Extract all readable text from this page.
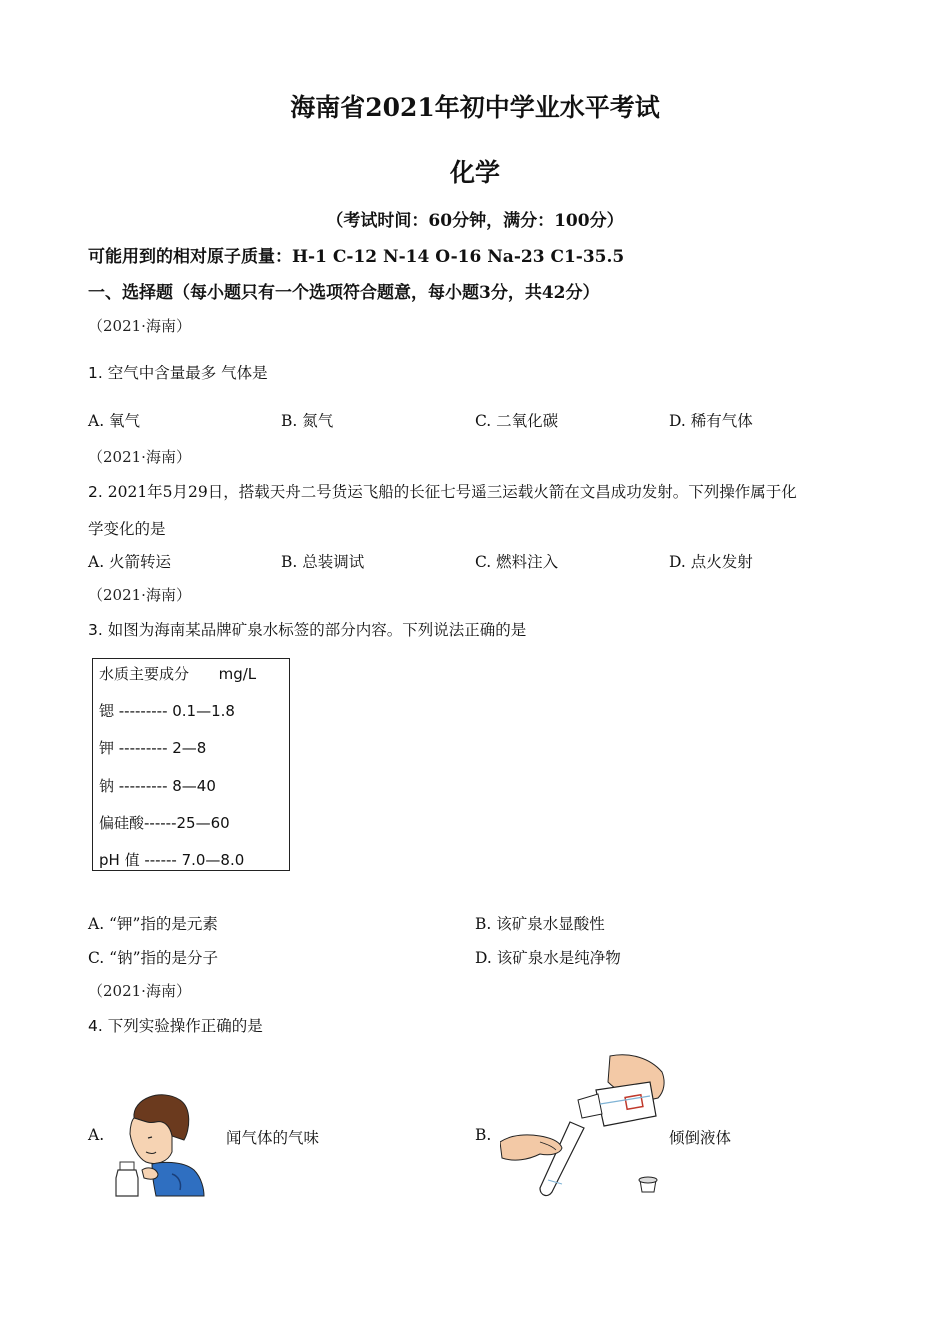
海南省2021年初中学业水平考试
化学
（考试时间：60分钟，满分：100分）
可能用到的相对原子质量：H-1 C-12 N-14 O-16 Na-23 C1-35.5
一、选择题（每小题只有一个选项符合题意，每小题3分，共42分）
（2021·海南）
1. 空气中含量最多 气体是
A. 氧气	B. 氮气	C. 二氧化碳	D. 稀有气体
（2021·海南）
2. 2021年5月29日，搭载天舟二号货运飞船的长征七号遥三运载火箭在文昌成功发射。下列操作属于化
学变化的是
A. 火箭转运	B. 总装调试	C. 燃料注入	D. 点火发射
（2021·海南）
3. 如图为海南某品牌矿泉水标签的部分内容。下列说法正确的是
水质主要成分 mg/L
锶 --------- 0.1—1.8
钾 --------- 2—8
钠 --------- 8—40
偏硅酸------25—60
pH 值 ------ 7.0—8.0
A. “钾”指的是元素	B. 该矿泉水显酸性
C. “钠”指的是分子	D. 该矿泉水是纯净物
（2021·海南）
4. 下列实验操作正确的是
A.	闻气体的气味	B.	倾倒液体
